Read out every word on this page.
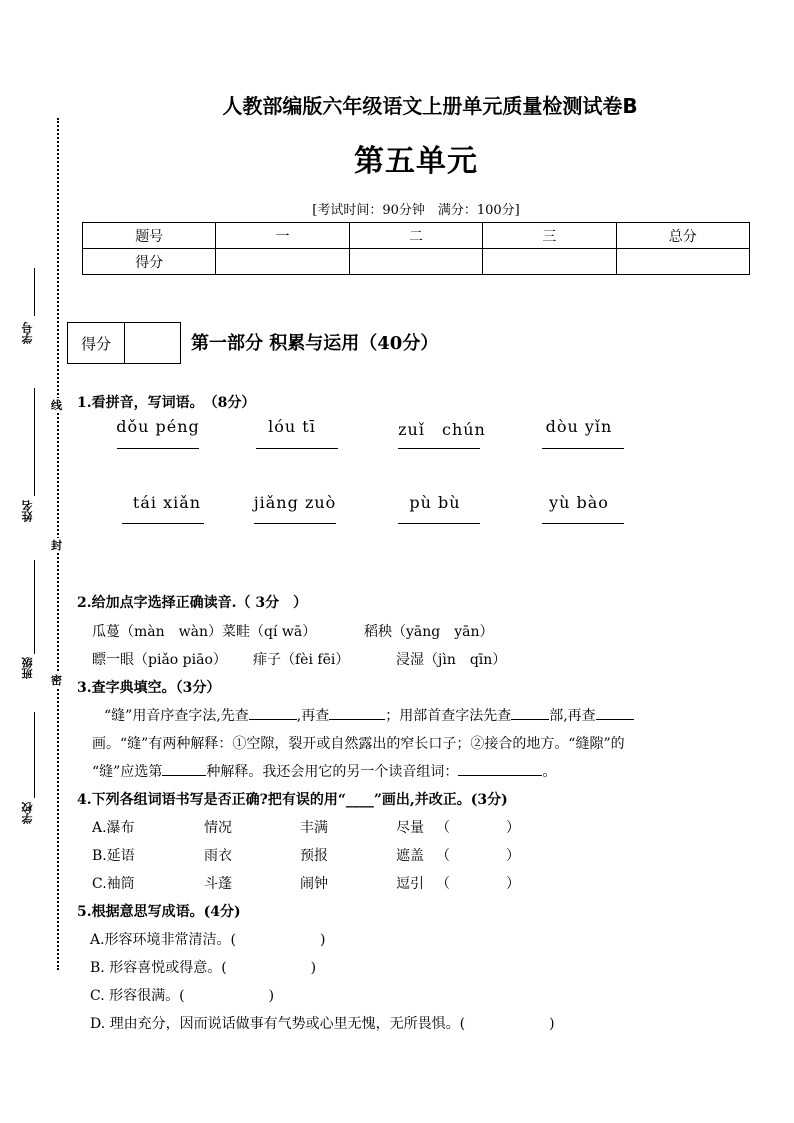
学号
姓名
班级
学校
线
封
密
人教部编版六年级语文上册单元质量检测试卷B
第五单元
[考试时间：90分钟　满分：100分]
题号	一	二	三	总分
得分				
得分	第一部分 积累与运用（40分）
1.看拼音，写词语。　（8分）
dǒu péng	lóu tī	zuǐ　chún	dòu yǐn
tái xiǎn	jiǎng zuò	pù bù	yù bào
2.给加点字选择正确读音.（ 3分　）
瓜蔓（màn　wàn）菜畦（qí wā）	稻秧（yāng　yān）
瞟一眼（piǎo piāo） 痱子（fèi fēi）	浸湿（jìn　qīn）
3.查字典填空。（3分）
“缝”用音序查字法,先查	,再查	；用部首查字法先查	部,再查
画。“缝”有两种解释：①空隙，裂开或自然露出的窄长口子；②接合的地方。“缝隙”的
“缝”应选第	种解释。我还会用它的另一个读音组词：	。
4.下列各组词语书写是否正确?把有误的用“____”画出,并改正。(3分)
A.瀑布	情况	丰满	尽量 （　　　　）
B.延语	雨衣	预报	遮盖 （　　　　）
C.袖筒	斗蓬	闹钟	逗引 （　　　　）
5.根据意思写成语。(4分)
A.形容环境非常清洁。(　　　　　　)
B. 形容喜悦或得意。(　　　　　　)
C. 形容很满。(　　　　　　)
D. 理由充分，因而说话做事有气势或心里无愧，无所畏惧。(　　　　　　)
